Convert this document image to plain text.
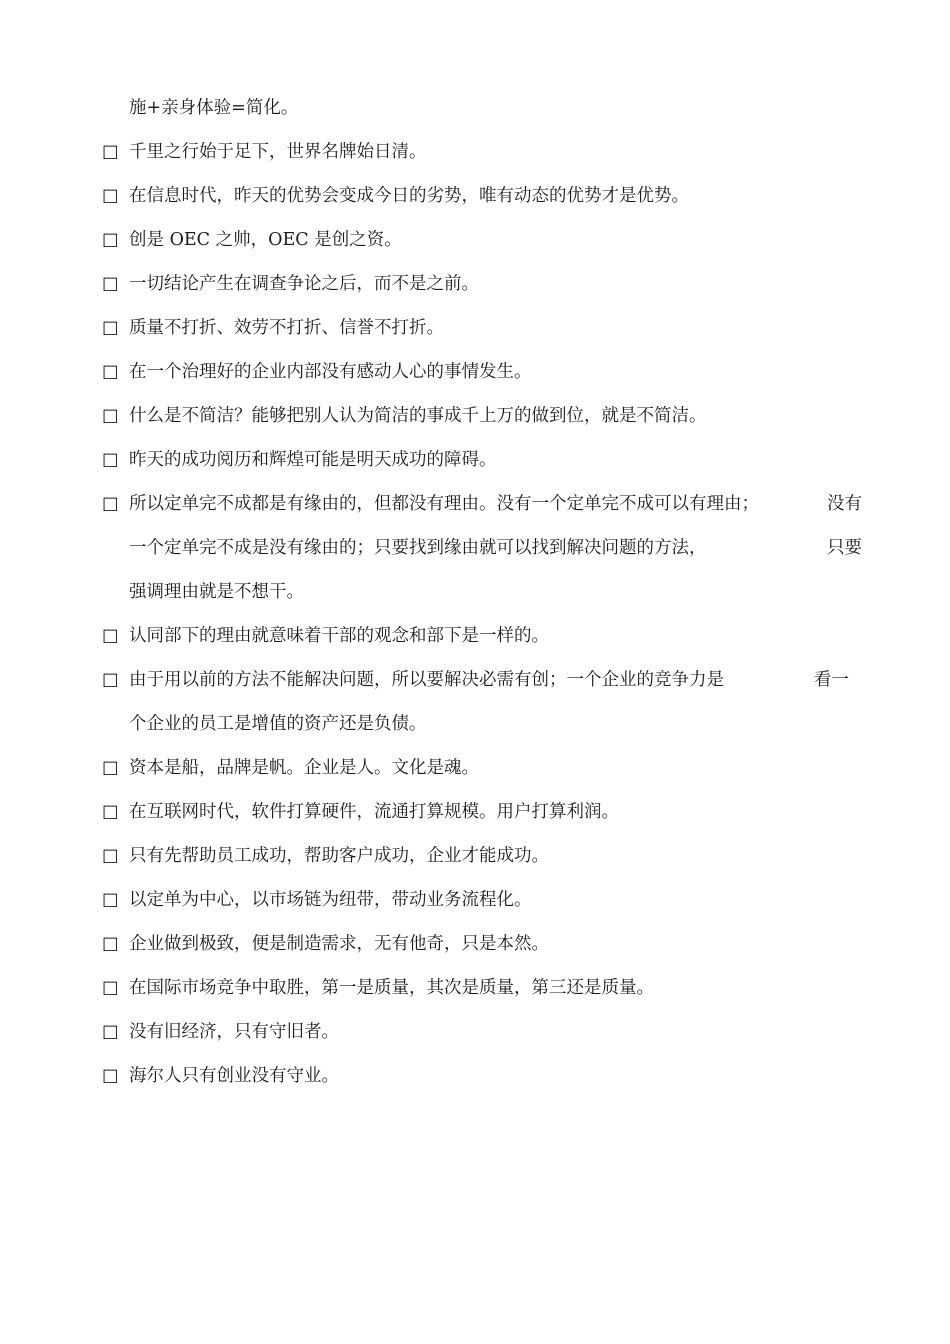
施+亲身体验=简化。
□ 千里之行始于足下，世界名牌始日清。
□ 在信息时代，昨天的优势会变成今日的劣势，唯有动态的优势才是优势。
□ 创是 OEC 之帅，OEC 是创之资。
□ 一切结论产生在调查争论之后，而不是之前。
□ 质量不打折、效劳不打折、信誉不打折。
□ 在一个治理好的企业内部没有感动人心的事情发生。
□ 什么是不简洁？能够把别人认为简洁的事成千上万的做到位，就是不简洁。
□ 昨天的成功阅历和辉煌可能是明天成功的障碍。
□ 所以定单完不成都是有缘由的，但都没有理由。没有一个定单完不成可以有理由；	没有
一个定单完不成是没有缘由的；只要找到缘由就可以找到解决问题的方法，	只要
强调理由就是不想干。
□ 认同部下的理由就意味着干部的观念和部下是一样的。
□ 由于用以前的方法不能解决问题，所以要解决必需有创；一个企业的竞争力是	看一
个企业的员工是增值的资产还是负债。
□ 资本是船，品牌是帆。企业是人。文化是魂。
□ 在互联网时代，软件打算硬件，流通打算规模。用户打算利润。
□ 只有先帮助员工成功，帮助客户成功，企业才能成功。
□ 以定单为中心，以市场链为纽带，带动业务流程化。
□ 企业做到极致，便是制造需求，无有他奇，只是本然。
□ 在国际市场竞争中取胜，第一是质量，其次是质量，第三还是质量。
□ 没有旧经济，只有守旧者。
□ 海尔人只有创业没有守业。
